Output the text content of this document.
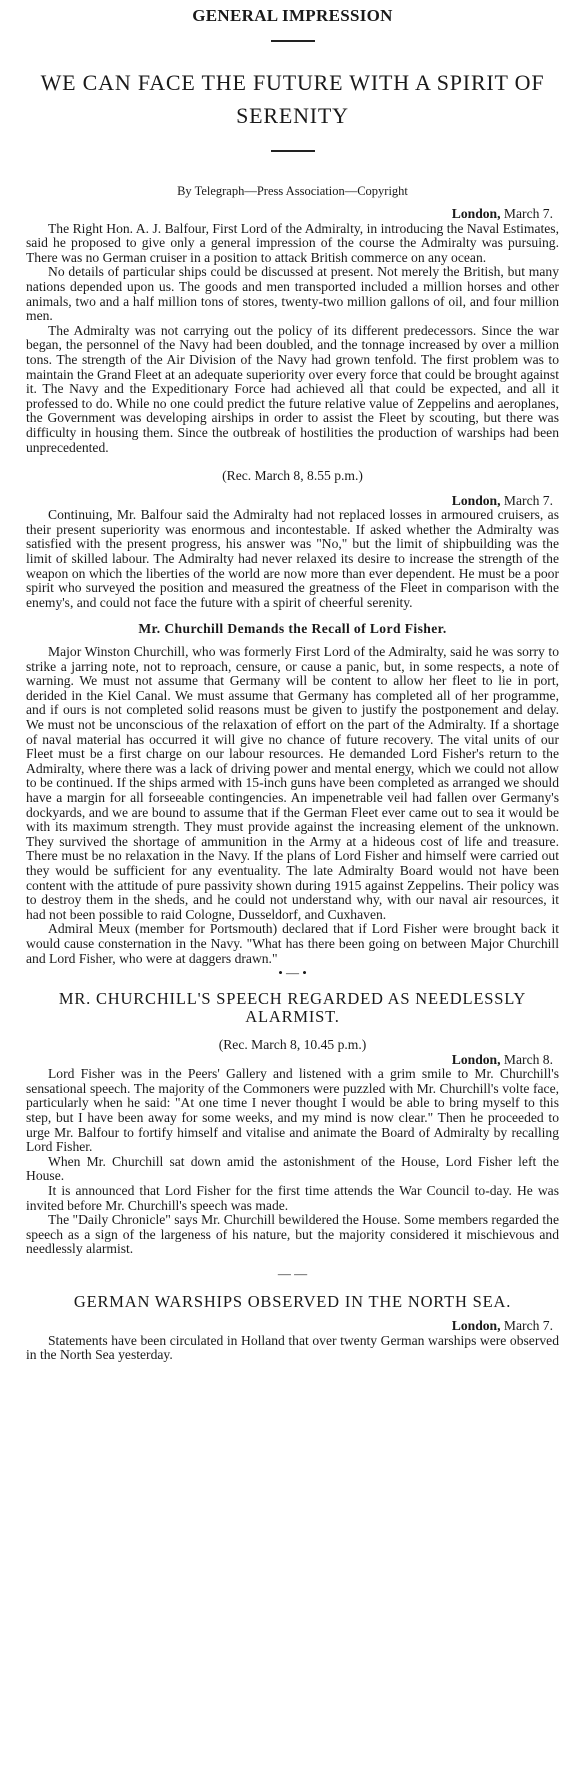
GENERAL IMPRESSION
WE CAN FACE THE FUTURE WITH A SPIRIT OF SERENITY

By Telegraph—Press Association—Copyright

London, March 7.

The Right Hon. A. J. Balfour, First Lord of the Admiralty, in introducing the Naval Estimates, said he proposed to give only a general impression of the course the Admiralty was pursuing. There was no German cruiser in a position to attack British commerce on any ocean.

No details of particular ships could be discussed at present. Not merely the British, but many nations depended upon us. The goods and men transported included a million horses and other animals, two and a half million tons of stores, twenty-two million gallons of oil, and four million men.

The Admiralty was not carrying out the policy of its different predecessors. Since the war began, the personnel of the Navy had been doubled, and the tonnage increased by over a million tons. The strength of the Air Division of the Navy had grown tenfold. The first problem was to maintain the Grand Fleet at an adequate superiority over every force that could be brought against it. The Navy and the Expeditionary Force had achieved all that could be expected, and all it professed to do. While no one could predict the future relative value of Zeppelins and aeroplanes, the Government was developing airships in order to assist the Fleet by scouting, but there was difficulty in housing them. Since the outbreak of hostilities the production of warships had been unprecedented.

(Rec. March 8, 8.55 p.m.)

London, March 7.

Continuing, Mr. Balfour said the Admiralty had not replaced losses in armoured cruisers, as their present superiority was enormous and incontestable. If asked whether the Admiralty was satisfied with the present progress, his answer was "No," but the limit of shipbuilding was the limit of skilled labour. The Admiralty had never relaxed its desire to increase the strength of the weapon on which the liberties of the world are now more than ever dependent. He must be a poor spirit who surveyed the position and measured the greatness of the Fleet in comparison with the enemy's, and could not face the future with a spirit of cheerful serenity.

Mr. Churchill Demands the Recall of Lord Fisher.

Major Winston Churchill, who was formerly First Lord of the Admiralty, said he was sorry to strike a jarring note, not to reproach, censure, or cause a panic, but, in some respects, a note of warning. We must not assume that Germany will be content to allow her fleet to lie in port, derided in the Kiel Canal. We must assume that Germany has completed all of her programme, and if ours is not completed solid reasons must be given to justify the postponement and delay. We must not be unconscious of the relaxation of effort on the part of the Admiralty. If a shortage of naval material has occurred it will give no chance of future recovery. The vital units of our Fleet must be a first charge on our labour resources. He demanded Lord Fisher's return to the Admiralty, where there was a lack of driving power and mental energy, which we could not allow to be continued. If the ships armed with 15-inch guns have been completed as arranged we should have a margin for all forseeable contingencies. An impenetrable veil had fallen over Germany's dockyards, and we are bound to assume that if the German Fleet ever came out to sea it would be with its maximum strength. They must provide against the increasing element of the unknown. They survived the shortage of ammunition in the Army at a hideous cost of life and treasure. There must be no relaxation in the Navy. If the plans of Lord Fisher and himself were carried out they would be sufficient for any eventuality. The late Admiralty Board would not have been content with the attitude of pure passivity shown during 1915 against Zeppelins. Their policy was to destroy them in the sheds, and he could not understand why, with our naval air resources, it had not been possible to raid Cologne, Dusseldorf, and Cuxhaven.

Admiral Meux (member for Portsmouth) declared that if Lord Fisher were brought back it would cause consternation in the Navy. "What has there been going on between Major Churchill and Lord Fisher, who were at daggers drawn."

• — •

MR. CHURCHILL'S SPEECH REGARDED AS NEEDLESSLY ALARMIST.

(Rec. March 8, 10.45 p.m.)

London, March 8.

Lord Fisher was in the Peers' Gallery and listened with a grim smile to Mr. Churchill's sensational speech. The majority of the Commoners were puzzled with Mr. Churchill's volte face, particularly when he said: "At one time I never thought I would be able to bring myself to this step, but I have been away for some weeks, and my mind is now clear." Then he proceeded to urge Mr. Balfour to fortify himself and vitalise and animate the Board of Admiralty by recalling Lord Fisher.

When Mr. Churchill sat down amid the astonishment of the House, Lord Fisher left the House.

It is announced that Lord Fisher for the first time attends the War Council to-day. He was invited before Mr. Churchill's speech was made.

The "Daily Chronicle" says Mr. Churchill bewildered the House. Some members regarded the speech as a sign of the largeness of his nature, but the majority considered it mischievous and needlessly alarmist.

— —

GERMAN WARSHIPS OBSERVED IN THE NORTH SEA.

London, March 7.

Statements have been circulated in Holland that over twenty German warships were observed in the North Sea yesterday.
